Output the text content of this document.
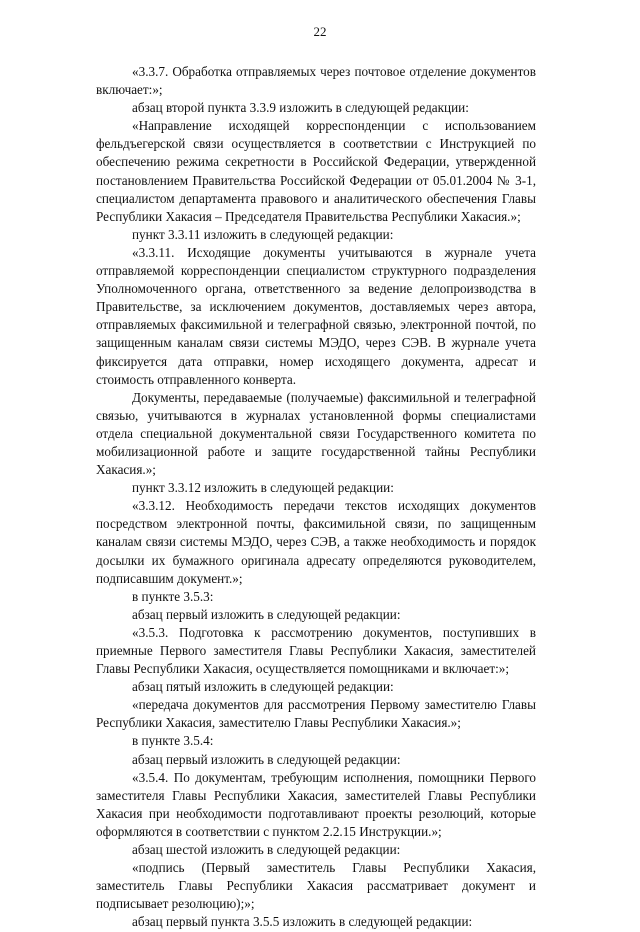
22

«3.3.7. Обработка отправляемых через почтовое отделение документов включает:»;

абзац второй пункта 3.3.9 изложить в следующей редакции:

«Направление исходящей корреспонденции с использованием фельдъегерской связи осуществляется в соответствии с Инструкцией по обеспечению режима секретности в Российской Федерации, утвержденной постановлением Правительства Российской Федерации от 05.01.2004 № 3-1, специалистом департамента правового и аналитического обеспечения Главы Республики Хакасия – Председателя Правительства Республики Хакасия.»;

пункт 3.3.11 изложить в следующей редакции:

«3.3.11. Исходящие документы учитываются в журнале учета отправляемой корреспонденции специалистом структурного подразделения Уполномоченного органа, ответственного за ведение делопроизводства в Правительстве, за исключением документов, доставляемых через автора, отправляемых факсимильной и телеграфной связью, электронной почтой, по защищенным каналам связи системы МЭДО, через СЭВ. В журнале учета фиксируется дата отправки, номер исходящего документа, адресат и стоимость отправленного конверта.

Документы, передаваемые (получаемые) факсимильной и телеграфной связью, учитываются в журналах установленной формы специалистами отдела специальной документальной связи Государственного комитета по мобилизационной работе и защите государственной тайны Республики Хакасия.»;

пункт 3.3.12 изложить в следующей редакции:

«3.3.12. Необходимость передачи текстов исходящих документов посредством электронной почты, факсимильной связи, по защищенным каналам связи системы МЭДО, через СЭВ, а также необходимость и порядок досылки их бумажного оригинала адресату определяются руководителем, подписавшим документ.»;

в пункте 3.5.3:

абзац первый изложить в следующей редакции:

«3.5.3. Подготовка к рассмотрению документов, поступивших в приемные Первого заместителя Главы Республики Хакасия, заместителей Главы Республики Хакасия, осуществляется помощниками и включает:»;

абзац пятый изложить в следующей редакции:

«передача документов для рассмотрения Первому заместителю Главы Республики Хакасия, заместителю Главы Республики Хакасия.»;

в пункте 3.5.4:

абзац первый изложить в следующей редакции:

«3.5.4. По документам, требующим исполнения, помощники Первого заместителя Главы Республики Хакасия, заместителей Главы Республики Хакасия при необходимости подготавливают проекты резолюций, которые оформляются в соответствии с пунктом 2.2.15 Инструкции.»;

абзац шестой изложить в следующей редакции:

«подпись (Первый заместитель Главы Республики Хакасия, заместитель Главы Республики Хакасия рассматривает документ и подписывает резолюцию);»;

абзац первый пункта 3.5.5 изложить в следующей редакции:
